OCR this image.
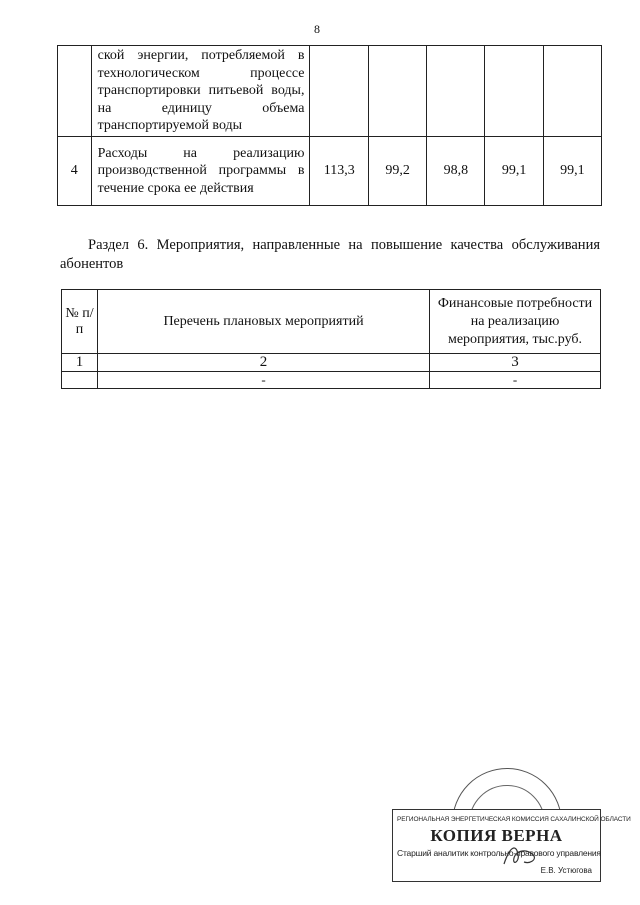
8
	ской энергии, потребляемой в технологическом процессе транспортировки питьевой воды, на единицу объема транспортируемой воды					
4	Расходы на реализацию производственной программы в течение срока ее действия	113,3	99,2	98,8	99,1	99,1
Раздел 6. Мероприятия, направленные на повышение качества обслуживания абонентов
№ п/п	Перечень плановых мероприятий	Финансовые потребности на реализацию мероприятия, тыс.руб.
1	2	3
	-	-
РЕГИОНАЛЬНАЯ ЭНЕРГЕТИЧЕСКАЯ КОМИССИЯ САХАЛИНСКОЙ ОБЛАСТИ
КОПИЯ ВЕРНА
Старший аналитик контрольно-правового управления
Е.В. Устюгова
